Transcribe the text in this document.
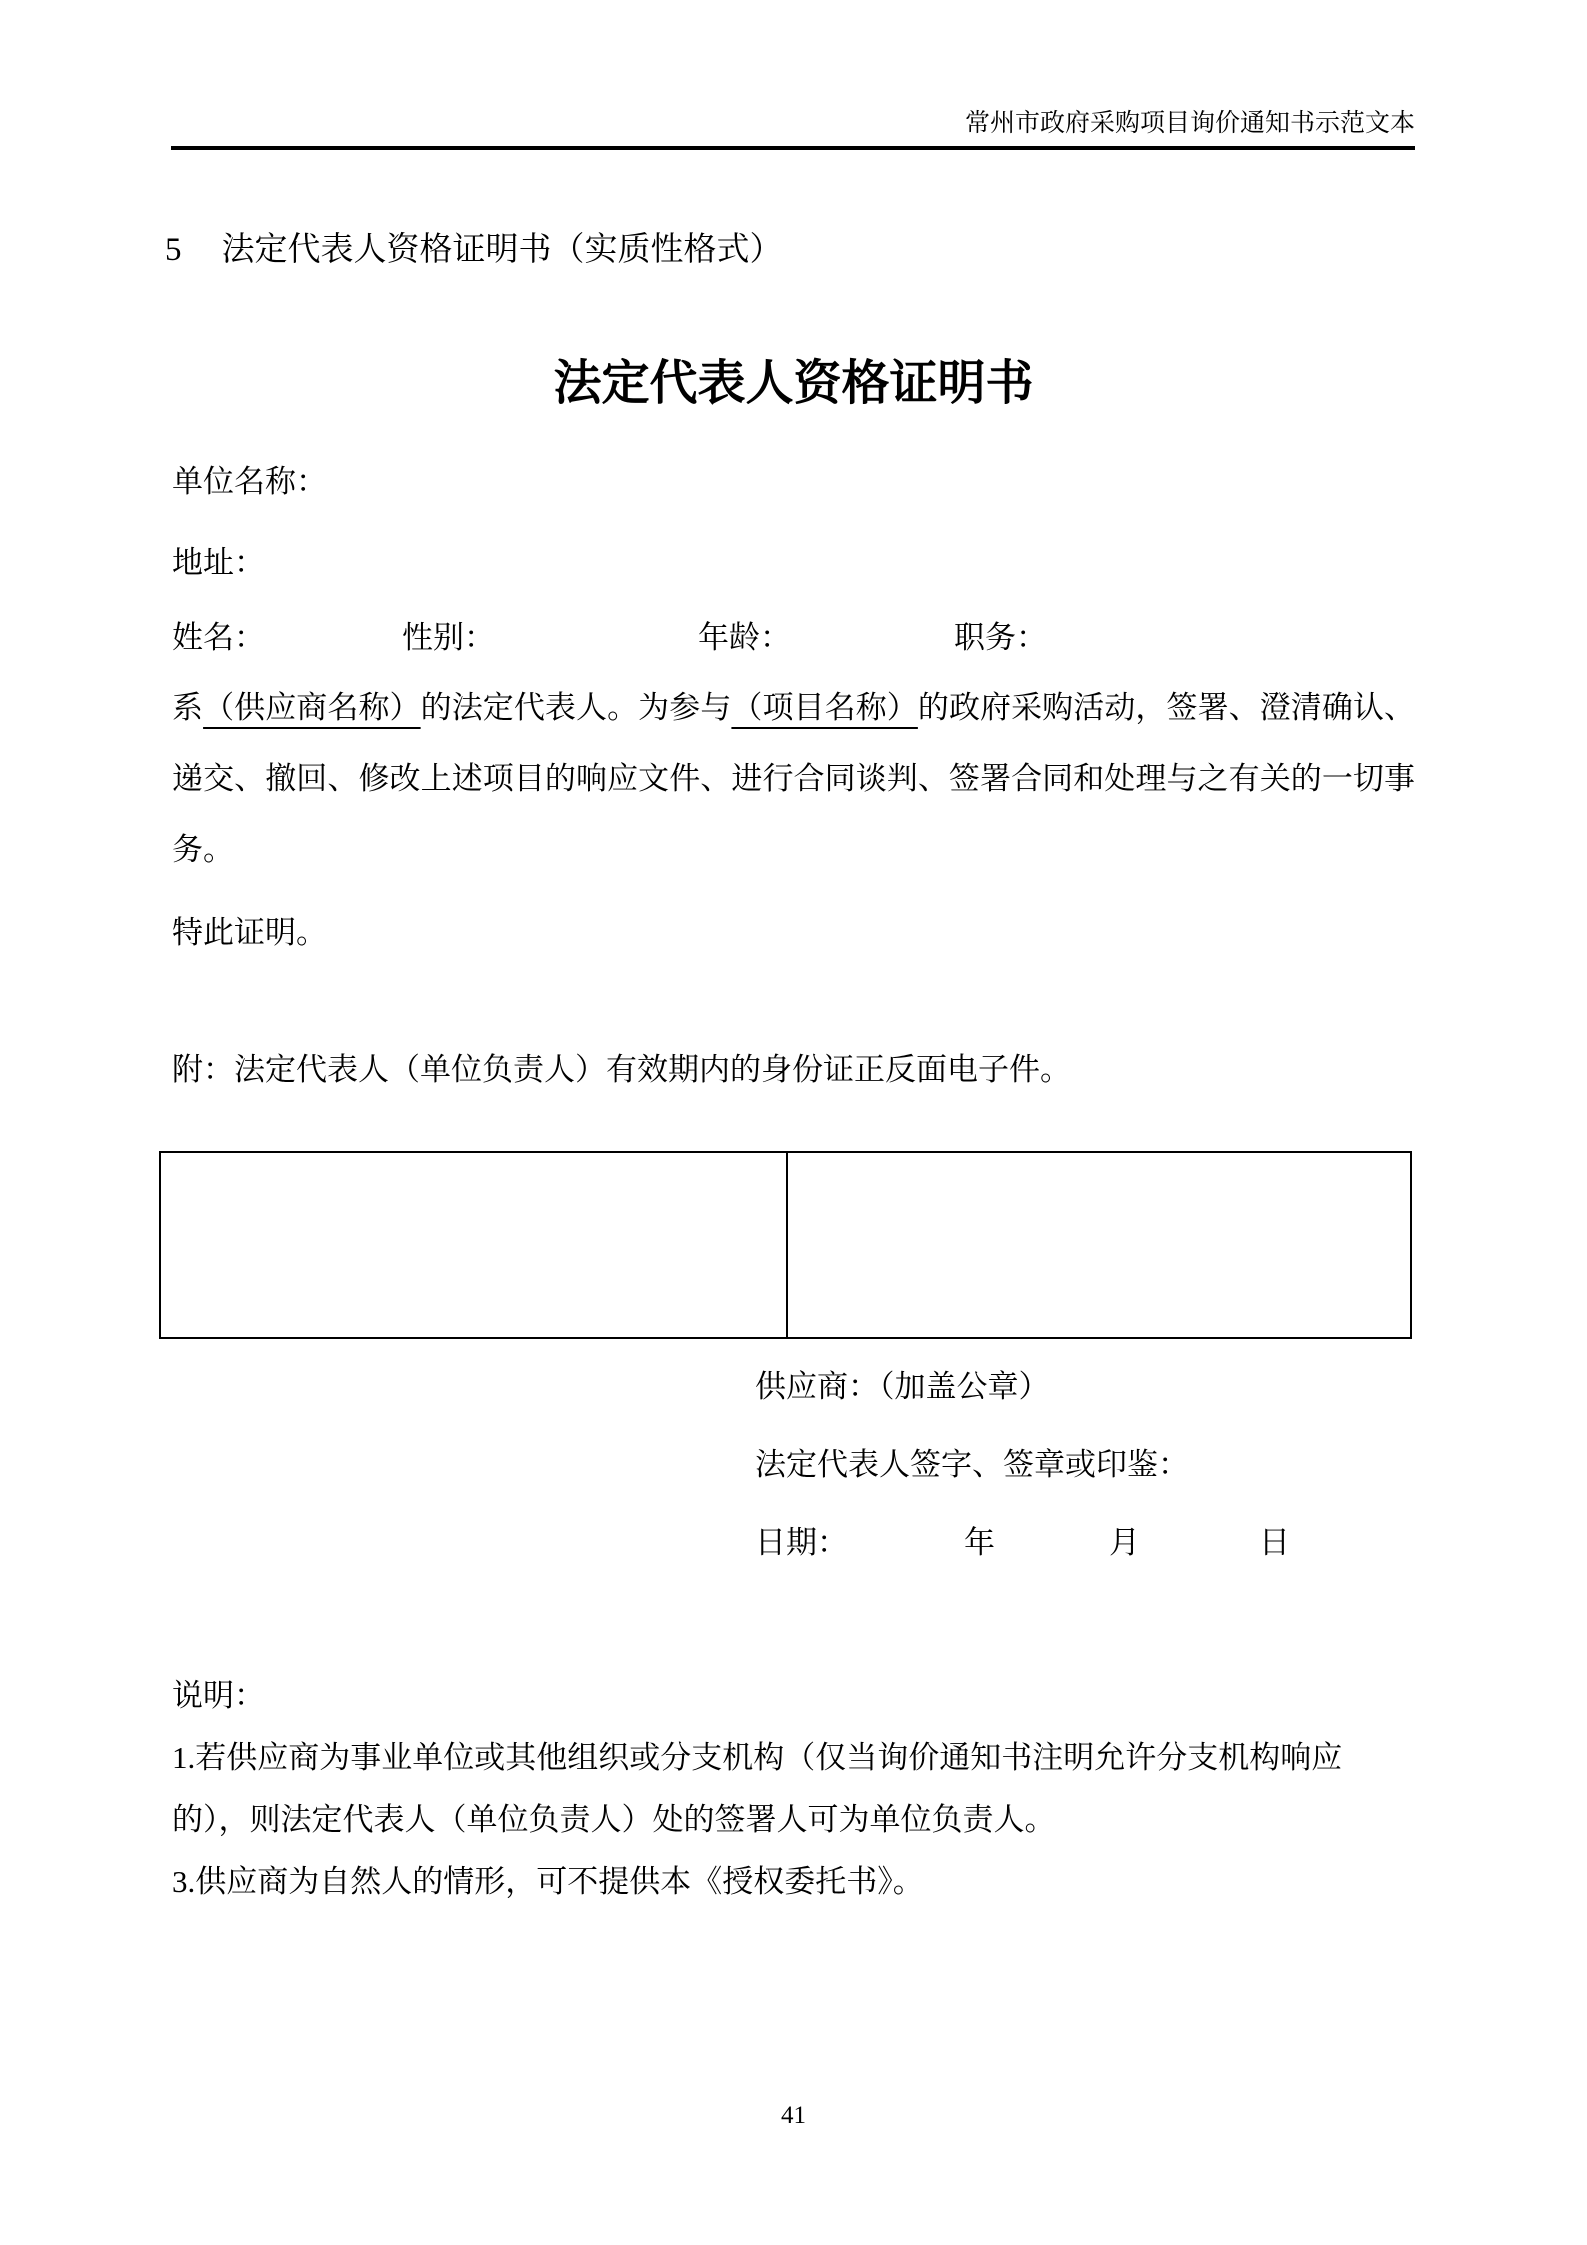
常州市政府采购项目询价通知书示范文本
5 法定代表人资格证明书（实质性格式）
法定代表人资格证明书
单位名称：
地址：
姓名：	性别：	年龄：	职务：
系（供应商名称）的法定代表人。为参与（项目名称）的政府采购活动，签署、澄清确认、递交、撤回、修改上述项目的响应文件、进行合同谈判、签署合同和处理与之有关的一切事务。
特此证明。
附：法定代表人（单位负责人）有效期内的身份证正反面电子件。
供应商：（加盖公章）
法定代表人签字、签章或印鉴：
日期：	年	月	日
说明：
1.若供应商为事业单位或其他组织或分支机构（仅当询价通知书注明允许分支机构响应
的），则法定代表人（单位负责人）处的签署人可为单位负责人。
3.供应商为自然人的情形，可不提供本《授权委托书》。
41
